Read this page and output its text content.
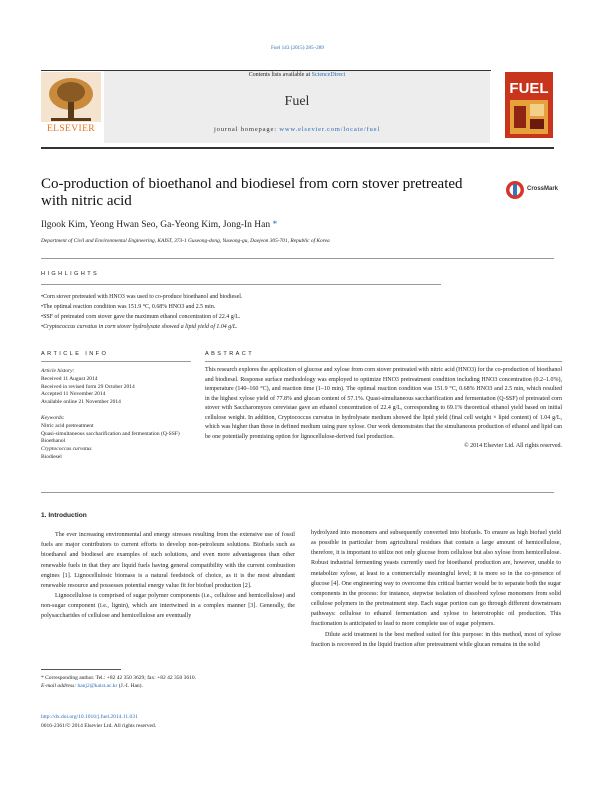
Fuel 143 (2015) 285–289
Contents lists available at ScienceDirect
Fuel
journal homepage: www.elsevier.com/locate/fuel
ELSEVIER
FUEL
Co-production of bioethanol and biodiesel from corn stover pretreated with nitric acid
CrossMark
Ilgook Kim, Yeong Hwan Seo, Ga-Yeong Kim, Jong-In Han *
Department of Civil and Environmental Engineering, KAIST, 373-1 Guseong-dong, Yuseong-gu, Daejeon 305-701, Republic of Korea
HIGHLIGHTS
• Corn stover pretreated with HNO3 was used to co-produce bioethanol and biodiesel.
• The optimal reaction condition was 151.9 °C, 0.68% HNO3 and 2.5 min.
• SSF of pretreated corn stover gave the maximum ethanol concentration of 22.4 g/L.
• Cryptococcus curvatus in corn stover hydrolysate showed a lipid yield of 1.04 g/L.
ARTICLE INFO	ABSTRACT
Article history:
Received 11 August 2014
Received in revised form 29 October 2014
Accepted 11 November 2014
Available online 21 November 2014
Keywords:
Nitric acid pretreatment
Quasi-simultaneous saccharification and fermentation (Q-SSF)
Bioethanol
Cryptococcus curvatus
Biodiesel
This research explores the application of glucose and xylose from corn stover pretreated with nitric acid (HNO3) for the co-production of bioethanol and biodiesel. Response surface methodology was employed to optimize HNO3 pretreatment condition including HNO3 concentration (0.2–1.0%), temperature (140–160 °C), and reaction time (1–10 min). The optimal reaction condition was 151.9 °C, 0.68% HNO3 and 2.5 min, which resulted in the highest xylose yield of 77.8% and glucan content of 57.1%. Quasi-simultaneous saccharification and fermentation (Q-SSF) of pretreated corn stover with Saccharomyces cerevisiae gave an ethanol concentration of 22.4 g/L, corresponding to 69.1% theoretical ethanol yield based on initial cellulose weight. In addition, Cryptococcus curvatus in hydrolysate medium showed the lipid yield (final cell weight × lipid content) of 1.04 g/L, which was higher than those in defined medium using pure xylose. Our work demonstrates that the simultaneous production of ethanol and lipid can be one potentially promising option for lignocellulose-derived fuel production.
© 2014 Elsevier Ltd. All rights reserved.
1. Introduction

The ever increasing environmental and energy stresses resulting from the extensive use of fossil fuels are major contributors to current efforts to develop non-petroleum solutions. Biofuels such as bioethanol and biodiesel are examples of such solutions, and even more advantageous than other renewable fuels in that they are liquid fuels having general compatibility with the current combustion engines [1]. Lignocellulosic biomass is a natural feedstock of choice, as it is the most abundant renewable resource and possesses potential energy value fit for biofuel production [2].

Lignocellulose is comprised of sugar polymer components (i.e., cellulose and hemicellulose) and non-sugar component (i.e., lignin), which are intertwined in a complex manner [3]. Generally, the polysaccharides of cellulose and hemicellulose are eventually

hydrolyzed into monomers and subsequently converted into biofuels. To ensure as high biofuel yield as possible in particular from agricultural residues that contain a large amount of hemicellulose, therefore, it is important to utilize not only glucose from cellulose but also xylose from hemicellulose. Robust industrial fermenting yeasts currently used for bioethanol production are, however, unable to metabolize xylose, at least to a commercially meaningful level; it is more so in the co-presence of glucose [4]. One engineering way to overcome this critical barrier would be to separate both the sugar components in the process: for instance, stepwise isolation of dissolved xylose monomers from solid cellulose polymers in the pretreatment step. Each sugar portion can go through different downstream pathways: cellulose to ethanol fermentation and xylose to heterotrophic oil production. This fractionation is anticipated to lead to more complete use of sugar polymers.

Dilute acid treatment is the best method suited for this purpose: in this method, most of xylose fraction is recovered in the liquid fraction after pretreatment while glucan remains in the solid

* Corresponding author. Tel.: +82 42 350 3629; fax: +82 42 350 3610.
E-mail address: hanj2@kaist.ac.kr (J.-I. Han).
http://dx.doi.org/10.1016/j.fuel.2014.11.031
0016-2361/© 2014 Elsevier Ltd. All rights reserved.
